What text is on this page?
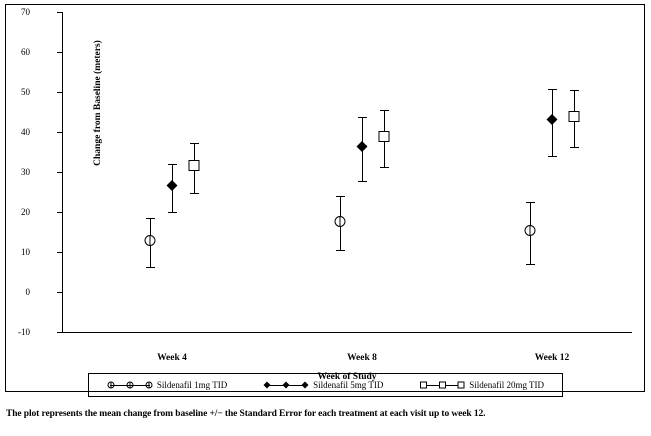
Change from Baseline (meters)
Week of Study
-10
0
10
20
30
40
50
60
70
Week 4	Week 8	Week 12
Sildenafil 1mg TID	Sildenafil 5mg TID	Sildenafil 20mg TID
The plot represents the mean change from baseline +/− the Standard Error for each treatment at each visit up to week 12.
